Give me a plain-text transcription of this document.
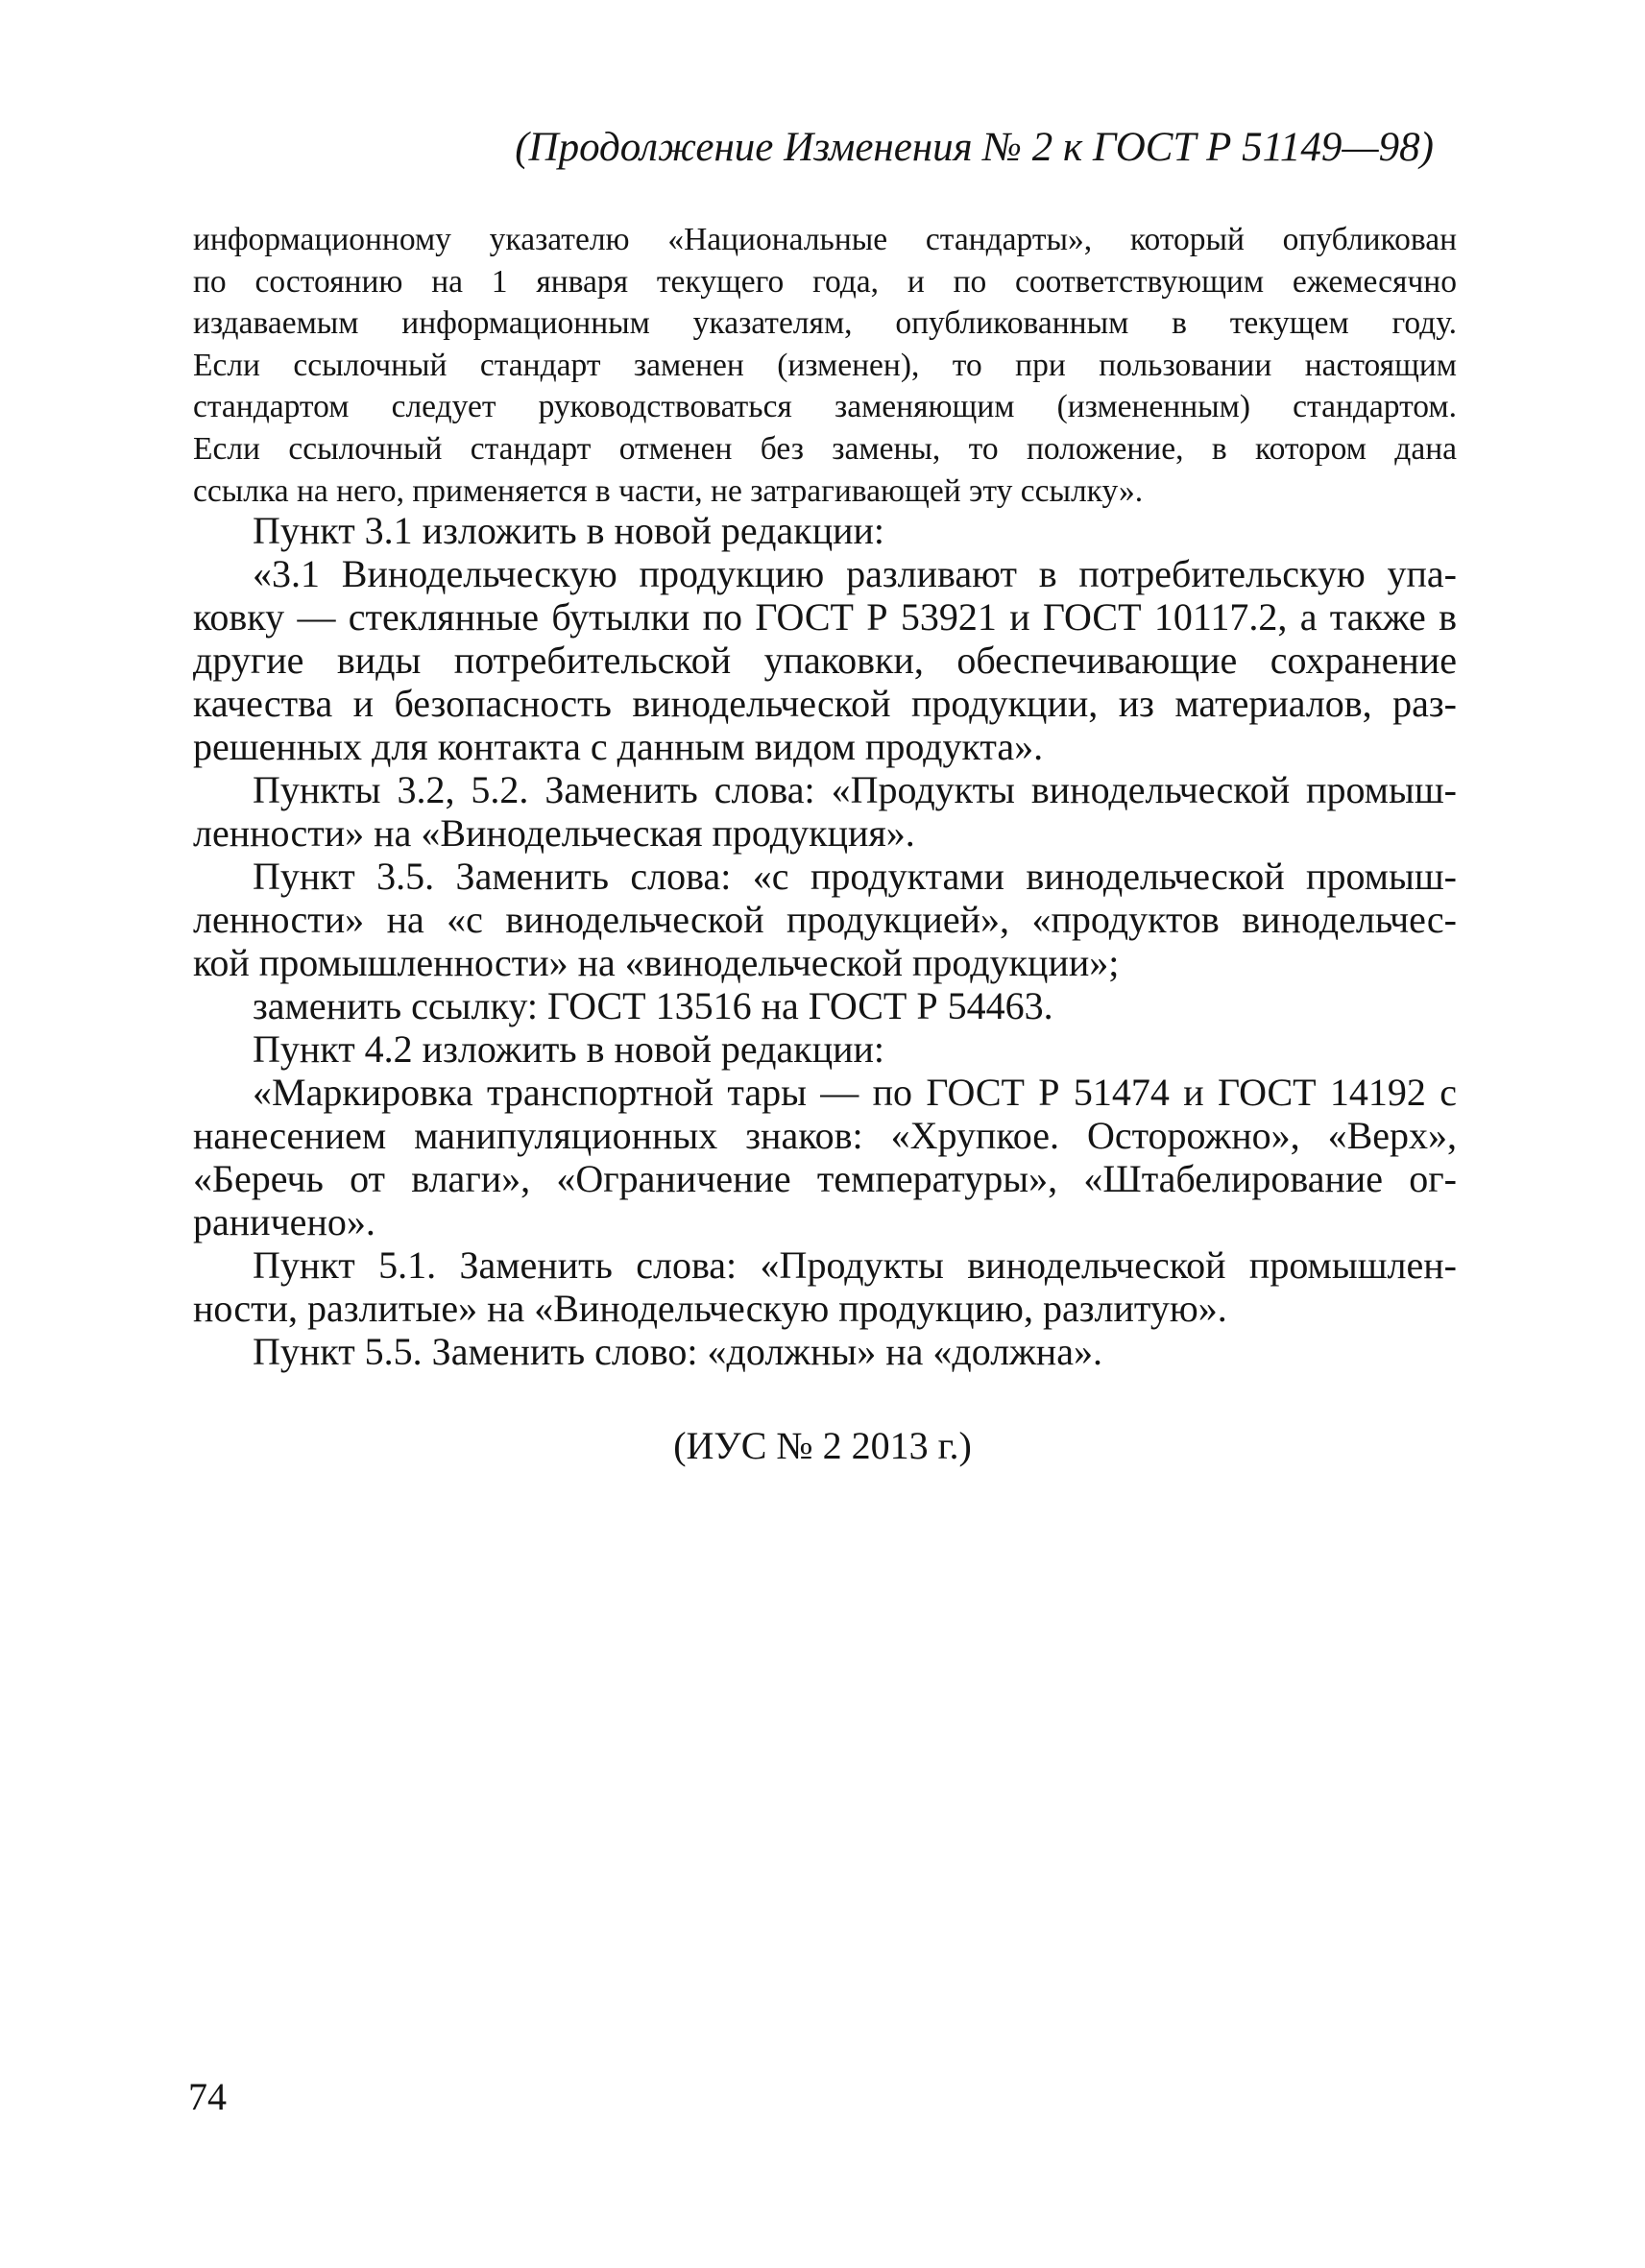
(Продолжение Изменения № 2 к ГОСТ Р 51149—98)
информационному указателю «Национальные стандарты», который опубликован
по состоянию на 1 января текущего года, и по соответствующим ежемесячно
издаваемым информационным указателям, опубликованным в текущем году.
Если ссылочный стандарт заменен (изменен), то при пользовании настоящим
стандартом следует руководствоваться заменяющим (измененным) стандартом.
Если ссылочный стандарт отменен без замены, то положение, в котором дана
ссылка на него, применяется в части, не затрагивающей эту ссылку».
Пункт 3.1 изложить в новой редакции:
«3.1 Винодельческую продукцию разливают в потребительскую упа-
ковку — стеклянные бутылки по ГОСТ Р 53921 и ГОСТ 10117.2, а также в
другие виды потребительской упаковки, обеспечивающие сохранение
качества и безопасность винодельческой продукции, из материалов, раз-
решенных для контакта с данным видом продукта».
Пункты 3.2, 5.2. Заменить слова: «Продукты винодельческой промыш-
ленности» на «Винодельческая продукция».
Пункт 3.5. Заменить слова: «с продуктами винодельческой промыш-
ленности» на «с винодельческой продукцией», «продуктов винодельчес-
кой промышленности» на «винодельческой продукции»;
заменить ссылку: ГОСТ 13516 на ГОСТ Р 54463.
Пункт 4.2 изложить в новой редакции:
«Маркировка транспортной тары — по ГОСТ Р 51474 и ГОСТ 14192 с
нанесением манипуляционных знаков: «Хрупкое. Осторожно», «Верх»,
«Беречь от влаги», «Ограничение температуры», «Штабелирование ог-
раничено».
Пункт 5.1. Заменить слова: «Продукты винодельческой промышлен-
ности, разлитые» на «Винодельческую продукцию, разлитую».
Пункт 5.5. Заменить слово: «должны» на «должна».
(ИУС № 2 2013 г.)
74
